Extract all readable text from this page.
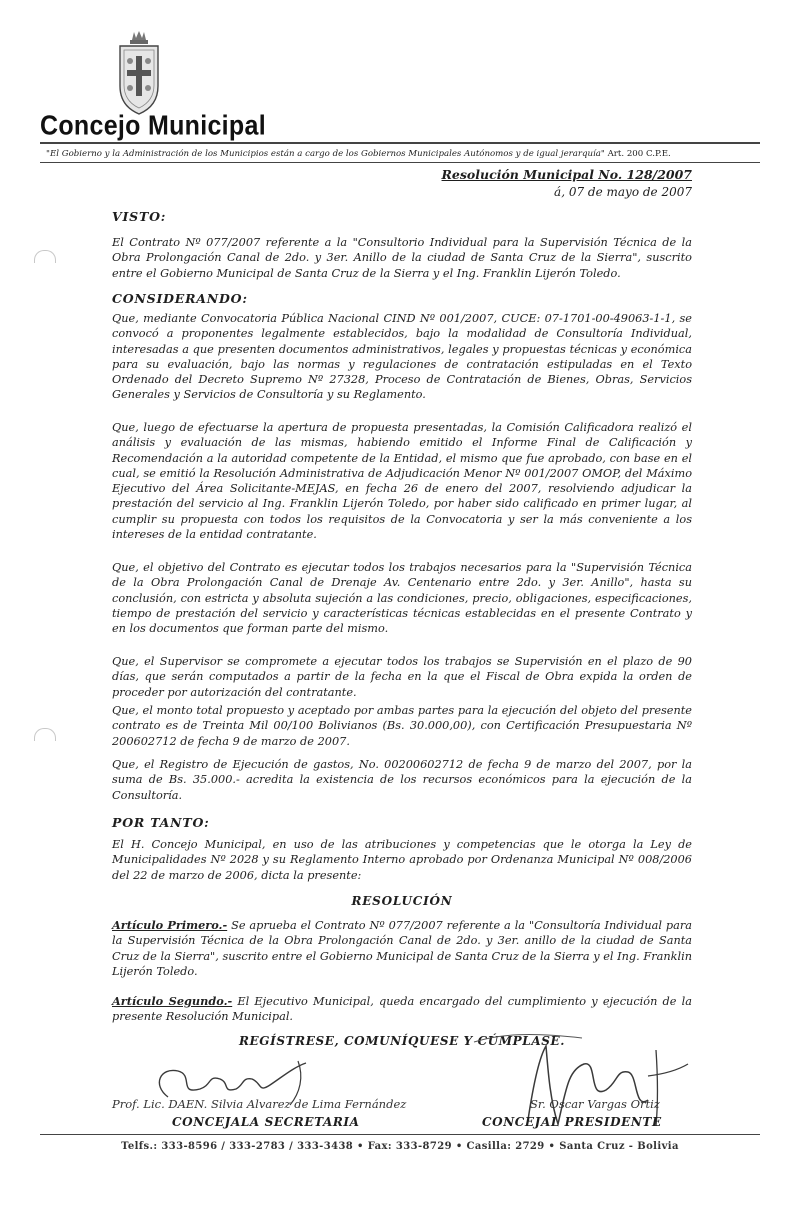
Concejo Municipal
"El Gobierno y la Administración de los Municipios están a cargo de los Gobiernos Municipales Autónomos y de igual jerarquía" Art. 200 C.P.E.
Resolución Municipal No. 128/2007
á, 07 de mayo de 2007
VISTO:
El Contrato Nº 077/2007 referente a la "Consultorio Individual para la Supervisión Técnica de la Obra Prolongación Canal de 2do. y 3er. Anillo de la ciudad de Santa Cruz de la Sierra", suscrito entre el Gobierno Municipal de Santa Cruz de la Sierra y el Ing. Franklin Lijerón Toledo.
CONSIDERANDO:
Que, mediante Convocatoria Pública Nacional CIND Nº 001/2007, CUCE: 07-1701-00-49063-1-1, se convocó a proponentes legalmente establecidos, bajo la modalidad de Consultoría Individual, interesadas a que presenten documentos administrativos, legales y propuestas técnicas y económica para su evaluación, bajo las normas y regulaciones de contratación estipuladas en el Texto Ordenado del Decreto Supremo Nº 27328, Proceso de Contratación de Bienes, Obras, Servicios Generales y Servicios de Consultoría y su Reglamento.
Que, luego de efectuarse la apertura de propuesta presentadas, la Comisión Calificadora realizó el análisis y evaluación de las mismas, habiendo emitido el Informe Final de Calificación y Recomendación a la autoridad competente de la Entidad, el mismo que fue aprobado, con base en el cual, se emitió la Resolución Administrativa de Adjudicación Menor Nº 001/2007 OMOP, del Máximo Ejecutivo del Área Solicitante-MEJAS, en fecha 26 de enero del 2007, resolviendo adjudicar la prestación del servicio al Ing. Franklin Lijerón Toledo, por haber sido calificado en primer lugar, al cumplir su propuesta con todos los requisitos de la Convocatoria y ser la más conveniente a los intereses de la entidad contratante.
Que, el objetivo del Contrato es ejecutar todos los trabajos necesarios para la "Supervisión Técnica de la Obra Prolongación Canal de Drenaje Av. Centenario entre 2do. y 3er. Anillo", hasta su conclusión, con estricta y absoluta sujeción a las condiciones, precio, obligaciones, especificaciones, tiempo de prestación del servicio y características técnicas establecidas en el presente Contrato y en los documentos que forman parte del mismo.
Que, el Supervisor se compromete a ejecutar todos los trabajos se Supervisión en el plazo de 90 días, que serán computados a partir de la fecha en la que el Fiscal de Obra expida la orden de proceder por autorización del contratante.
Que, el monto total propuesto y aceptado por ambas partes para la ejecución del objeto del presente contrato es de Treinta Mil 00/100 Bolivianos (Bs. 30.000,00), con Certificación Presupuestaria Nº 200602712 de fecha 9 de marzo de 2007.
Que, el Registro de Ejecución de gastos, No. 00200602712 de fecha 9 de marzo del 2007, por la suma de Bs. 35.000.- acredita la existencia de los recursos económicos para la ejecución de la Consultoría.
POR TANTO:
El H. Concejo Municipal, en uso de las atribuciones y competencias que le otorga la Ley de Municipalidades Nº 2028 y su Reglamento Interno aprobado por Ordenanza Municipal Nº 008/2006 del 22 de marzo de 2006, dicta la presente:
RESOLUCIÓN
Artículo Primero.- Se aprueba el Contrato Nº 077/2007 referente a la "Consultoría Individual para la Supervisión Técnica de la Obra Prolongación Canal de 2do. y 3er. anillo de la ciudad de Santa Cruz de la Sierra", suscrito entre el Gobierno Municipal de Santa Cruz de la Sierra y el Ing. Franklin Lijerón Toledo.
Artículo Segundo.- El Ejecutivo Municipal, queda encargado del cumplimiento y ejecución de la presente Resolución Municipal.
REGÍSTRESE, COMUNÍQUESE Y CÚMPLASE.
Prof. Lic. DAEN. Silvia Alvarez de Lima Fernández
CONCEJALA SECRETARIA
Sr. Oscar Vargas Ortiz
CONCEJAL PRESIDENTE
Telfs.: 333-8596 / 333-2783 / 333-3438 • Fax: 333-8729 • Casilla: 2729 • Santa Cruz - Bolivia
